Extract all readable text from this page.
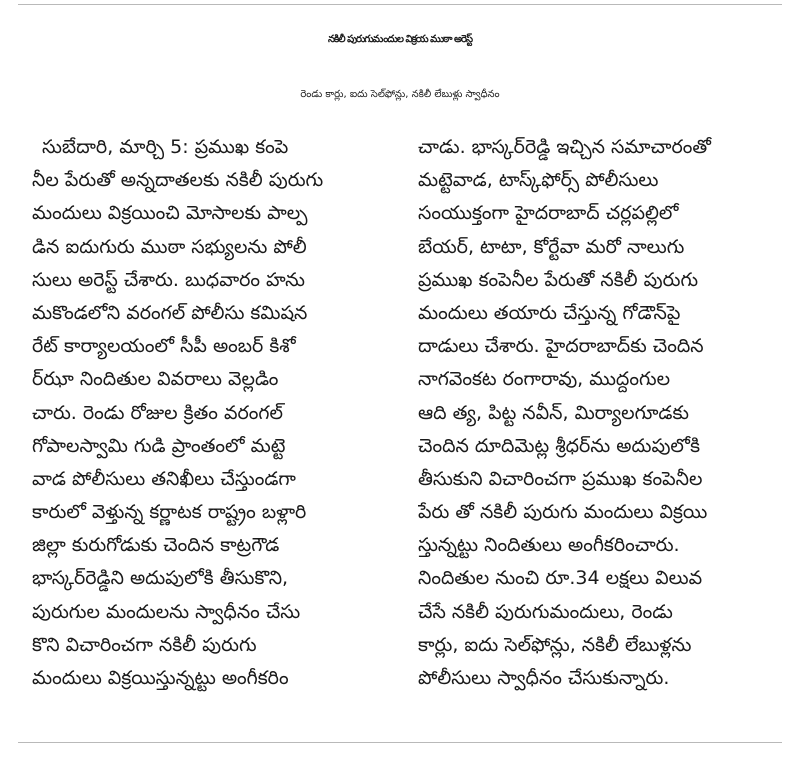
నకిలీ పురుగుమందుల విక్రయ ముఠా అరెస్ట్
రెండు కార్లు, ఐదు సెల్‌ఫోన్లు, నకిలీ లేబుళ్లు స్వాధీనం
సుబేదారి, మార్చి 5: ప్రముఖ కంపె
నీల పేరుతో అన్నదాతలకు నకిలీ పురుగు
మందులు విక్రయించి మోసాలకు పాల్ప
డిన ఐదుగురు ముఠా సభ్యులను పోలీ
సులు అరెస్ట్ చేశారు. బుధవారం హను
మకొండలోని వరంగల్ పోలీసు కమిషన
రేట్ కార్యాలయంలో సీపీ అంబర్ కిశో
ర్‌ఝా నిందితుల వివరాలు వెల్లడిం
చారు. రెండు రోజుల క్రితం వరంగల్
గోపాలస్వామి గుడి ప్రాంతంలో మట్టె
వాడ పోలీసులు తనిఖీలు చేస్తుండగా
కారులో వెళ్తున్న కర్ణాటక రాష్ట్రం బళ్లారి
జిల్లా కురుగోడుకు చెందిన కాట్రగౌడ
భాస్కర్‌రెడ్డిని అదుపులోకి తీసుకొని,
పురుగుల మందులను స్వాధీనం చేసు
కొని విచారించగా నకిలీ పురుగు
మందులు విక్రయిస్తున్నట్టు అంగీకరిం
చాడు. భాస్కర్‌రెడ్డి ఇచ్చిన సమాచారంతో
మట్టెవాడ, టాస్క్‌ఫోర్స్ పోలీసులు
సంయుక్తంగా హైదరాబాద్ చర్లపల్లిలో
బేయర్, టాటా, కోర్టేవా మరో నాలుగు
ప్రముఖ కంపెనీల పేరుతో నకిలీ పురుగు
మందులు తయారు చేస్తున్న గోడౌన్‌పై
దాడులు చేశారు. హైదరాబాద్‌కు చెందిన
నాగవెంకట రంగారావు, ముద్దంగుల
ఆది త్య, పిట్ట నవీన్, మిర్యాలగూడకు
చెందిన దూదిమెట్ల శ్రీధర్‌ను అదుపులోకి
తీసుకుని విచారించగా ప్రముఖ కంపెనీల
పేరు తో నకిలీ పురుగు మందులు విక్రయి
స్తున్నట్టు నిందితులు అంగీకరించారు.
నిందితుల నుంచి రూ.34 లక్షలు విలువ
చేసే నకిలీ పురుగుమందులు, రెండు
కార్లు, ఐదు సెల్‌ఫోన్లు, నకిలీ లేబుళ్లను
పోలీసులు స్వాధీనం చేసుకున్నారు.
